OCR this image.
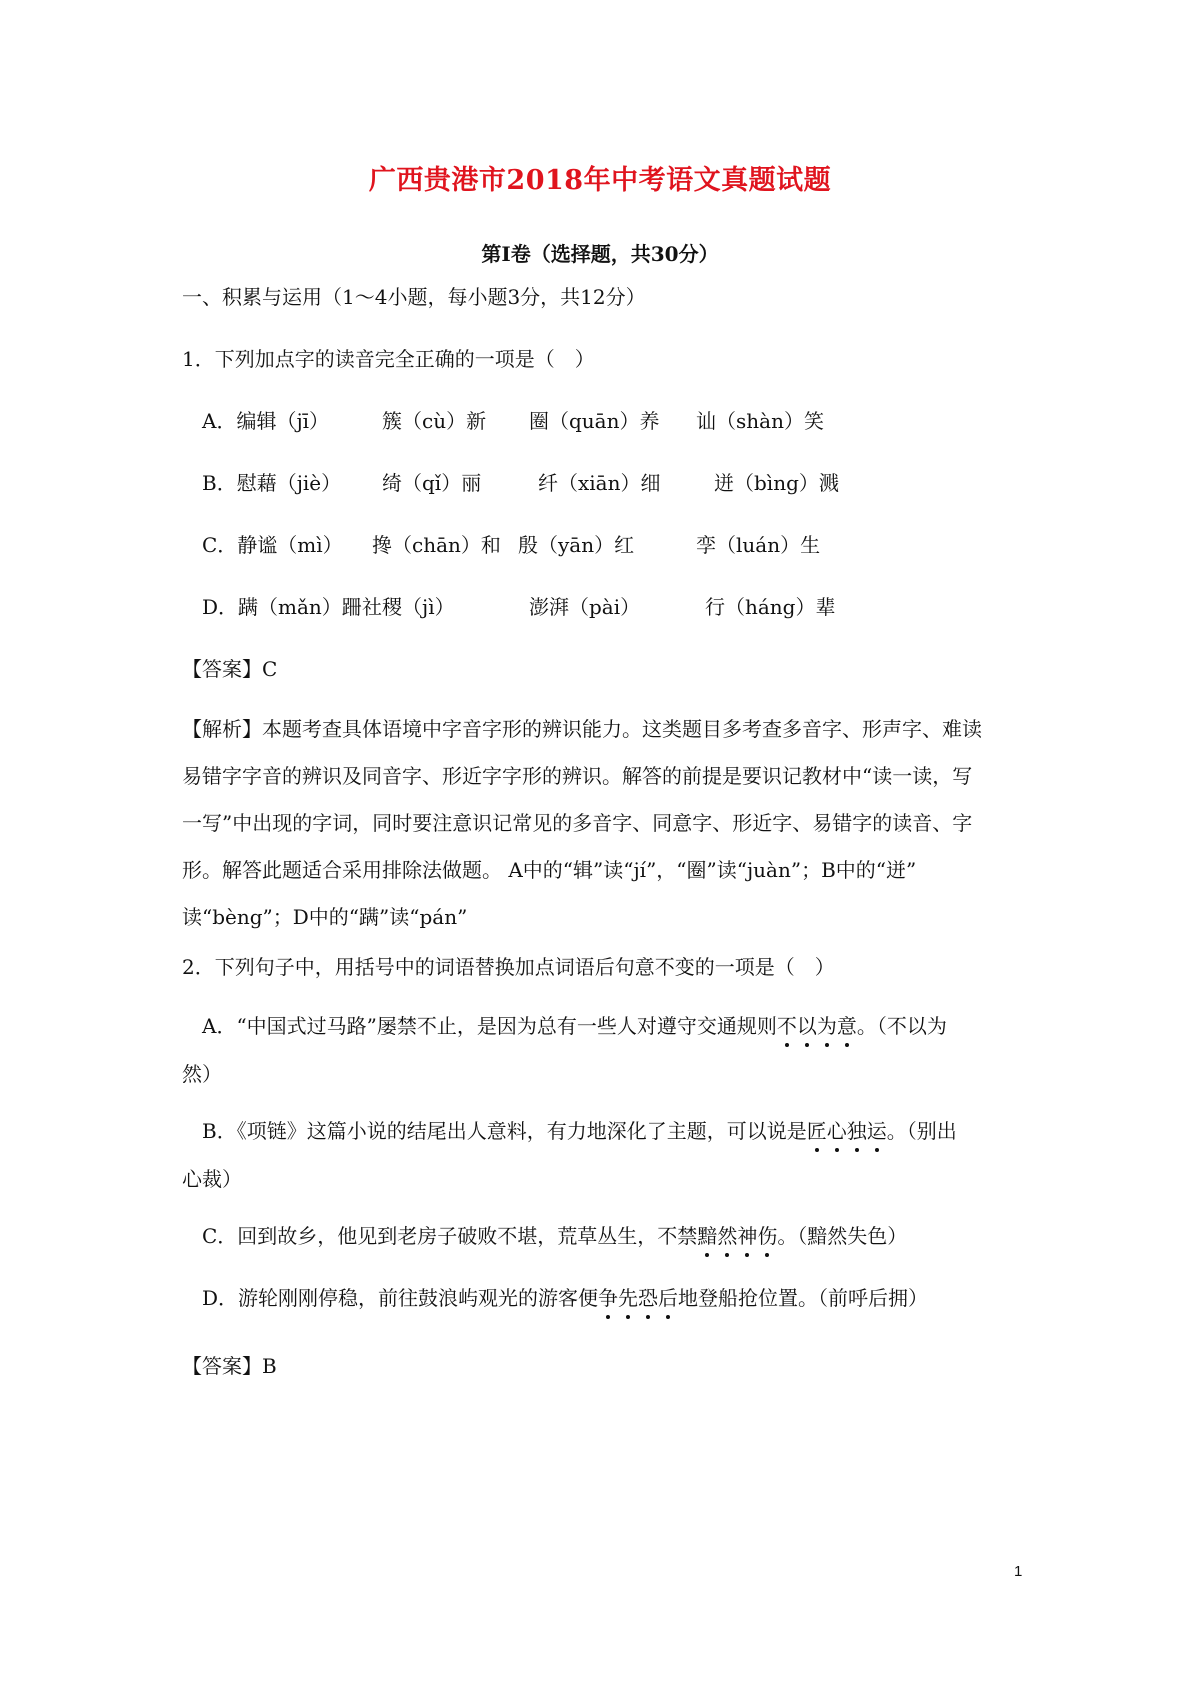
广西贵港市2018年中考语文真题试题
第Ⅰ卷（选择题，共30分）
一、积累与运用（1～4小题，每小题3分，共12分）
1．下列加点字的读音完全正确的一项是（　）
A．编辑（jī）	簇（cù）新 圈（quān）养 讪（shàn）笑
B．慰藉（jiè） 绮（qǐ）丽	纤（xiān）细	迸（bìng）溅
C．静谧（mì） 搀（chān）和 殷（yān）红	孪（luán）生
D．蹒（mǎn）跚 社稷（jì）	澎湃（pài）	行（háng）辈
【答案】C
【解析】本题考查具体语境中字音字形的辨识能力。这类题目多考查多音字、形声字、难读
易错字字音的辨识及同音字、形近字字形的辨识。解答的前提是要识记教材中“读一读，写
一写”中出现的字词，同时要注意识记常见的多音字、同意字、形近字、易错字的读音、字
形。解答此题适合采用排除法做题。 A中的“辑”读“jí”，“圈”读“juàn”；B中的“迸”
读“bèng”；D中的“蹒”读“pán”
2．下列句子中，用括号中的词语替换加点词语后句意不变的一项是（　）
A．“中国式过马路”屡禁不止，是因为总有一些人对遵守交通规则不以为意。（不以为
然）
B．《项链》这篇小说的结尾出人意料，有力地深化了主题，可以说是匠心独运。（别出
心裁）
C．回到故乡，他见到老房子破败不堪，荒草丛生，不禁黯然神伤。（黯然失色）
D．游轮刚刚停稳，前往鼓浪屿观光的游客便争先恐后地登船抢位置。（前呼后拥）
【答案】B
1
